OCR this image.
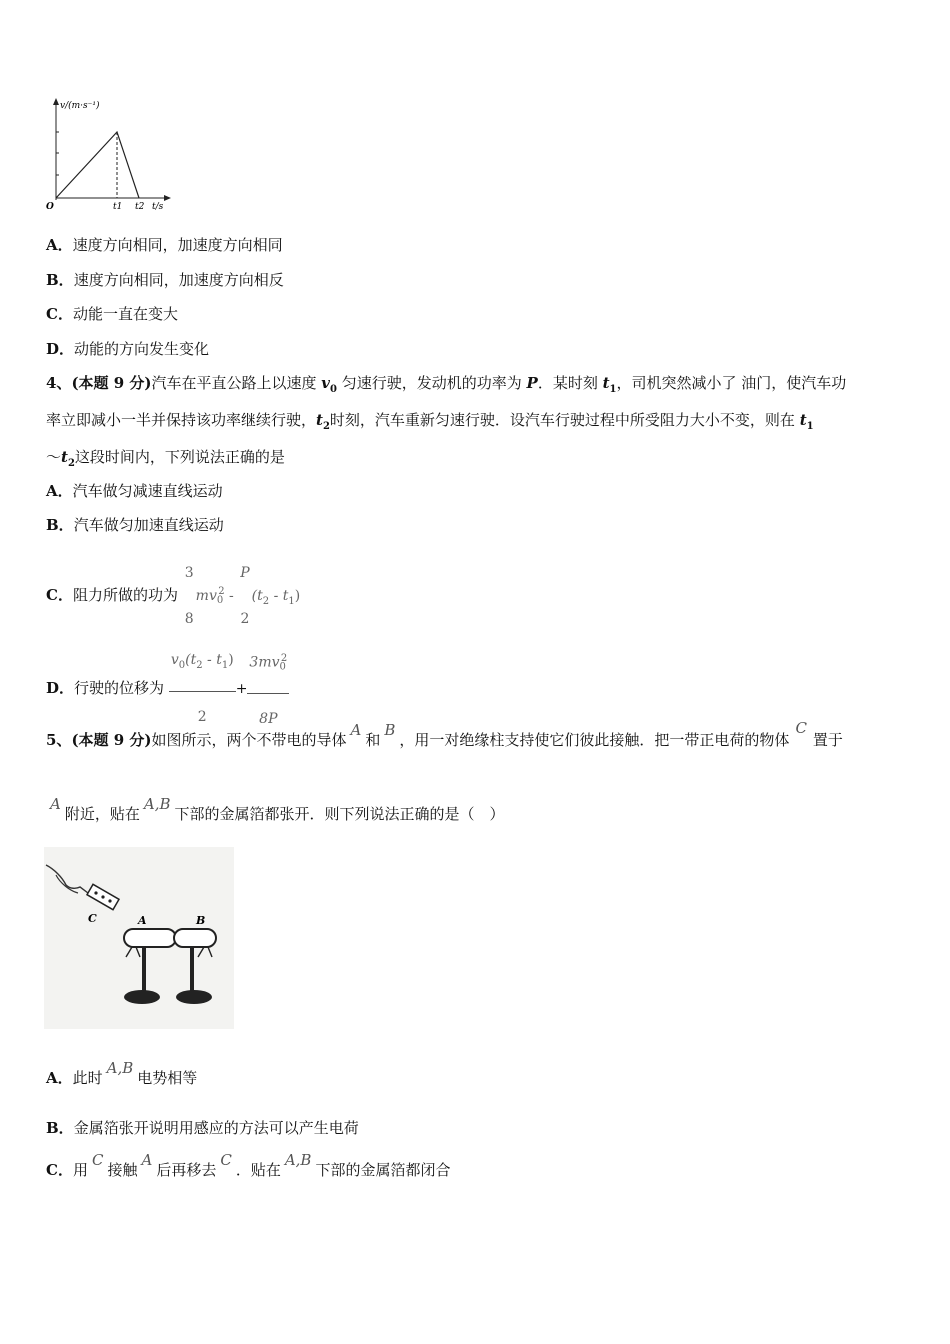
v/(m·s⁻¹)
O	t1 t2 t/s
A．速度方向相同，加速度方向相同
B．速度方向相同，加速度方向相反
C．动能一直在变大
D．动能的方向发生变化
4、(本题 9 分)汽车在平直公路上以速度 $v_0$ 匀速行驶，发动机的功率为 P．某时刻 $t_1$，司机突然减小了 油门，使汽车功
率立即减小一半并保持该功率继续行驶，$t_2$时刻，汽车重新匀速行驶．设汽车行驶过程中所受阻力大小不变，则在 $t_1$
$\sim t_2$这段时间内，下列说法正确的是
A．汽车做匀减速直线运动
B．汽车做匀加速直线运动
C．阻力所做的功为
3
8
$mv_0^2$ -
P
2
$(t_2 - t_1)$
D．行驶的位移为 $\frac{v_0(t_2 - t_1)}{2} + \frac{3mv_0^2}{8P}$
5、(本题 9 分)如图所示，两个不带电的导体A和B，用一对绝缘柱支持使它们彼此接触．把一带正电荷的物体C置于
A附近，贴在A,B下部的金属箔都张开．则下列说法正确的是（　）
C	A	B
A．此时A,B电势相等
B．金属箔张开说明用感应的方法可以产生电荷
C．用C接触A后再移去C．贴在A,B下部的金属箔都闭合
